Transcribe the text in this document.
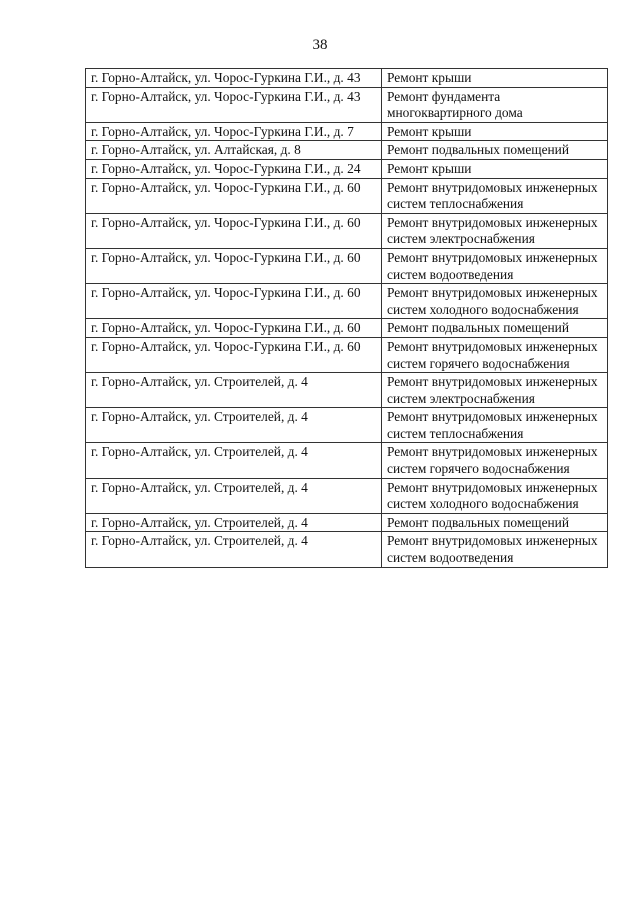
38
г. Горно-Алтайск, ул. Чорос-Гуркина Г.И., д. 43	Ремонт крыши
г. Горно-Алтайск, ул. Чорос-Гуркина Г.И., д. 43	Ремонт фундамента многоквартирного дома
г. Горно-Алтайск, ул. Чорос-Гуркина Г.И., д. 7	Ремонт крыши
г. Горно-Алтайск, ул. Алтайская, д. 8	Ремонт подвальных помещений
г. Горно-Алтайск, ул. Чорос-Гуркина Г.И., д. 24	Ремонт крыши
г. Горно-Алтайск, ул. Чорос-Гуркина Г.И., д. 60	Ремонт внутридомовых инженерных систем теплоснабжения
г. Горно-Алтайск, ул. Чорос-Гуркина Г.И., д. 60	Ремонт внутридомовых инженерных систем электроснабжения
г. Горно-Алтайск, ул. Чорос-Гуркина Г.И., д. 60	Ремонт внутридомовых инженерных систем водоотведения
г. Горно-Алтайск, ул. Чорос-Гуркина Г.И., д. 60	Ремонт внутридомовых инженерных систем холодного водоснабжения
г. Горно-Алтайск, ул. Чорос-Гуркина Г.И., д. 60	Ремонт подвальных помещений
г. Горно-Алтайск, ул. Чорос-Гуркина Г.И., д. 60	Ремонт внутридомовых инженерных систем горячего водоснабжения
г. Горно-Алтайск, ул. Строителей, д. 4	Ремонт внутридомовых инженерных систем электроснабжения
г. Горно-Алтайск, ул. Строителей, д. 4	Ремонт внутридомовых инженерных систем теплоснабжения
г. Горно-Алтайск, ул. Строителей, д. 4	Ремонт внутридомовых инженерных систем горячего водоснабжения
г. Горно-Алтайск, ул. Строителей, д. 4	Ремонт внутридомовых инженерных систем холодного водоснабжения
г. Горно-Алтайск, ул. Строителей, д. 4	Ремонт подвальных помещений
г. Горно-Алтайск, ул. Строителей, д. 4	Ремонт внутридомовых инженерных систем водоотведения
